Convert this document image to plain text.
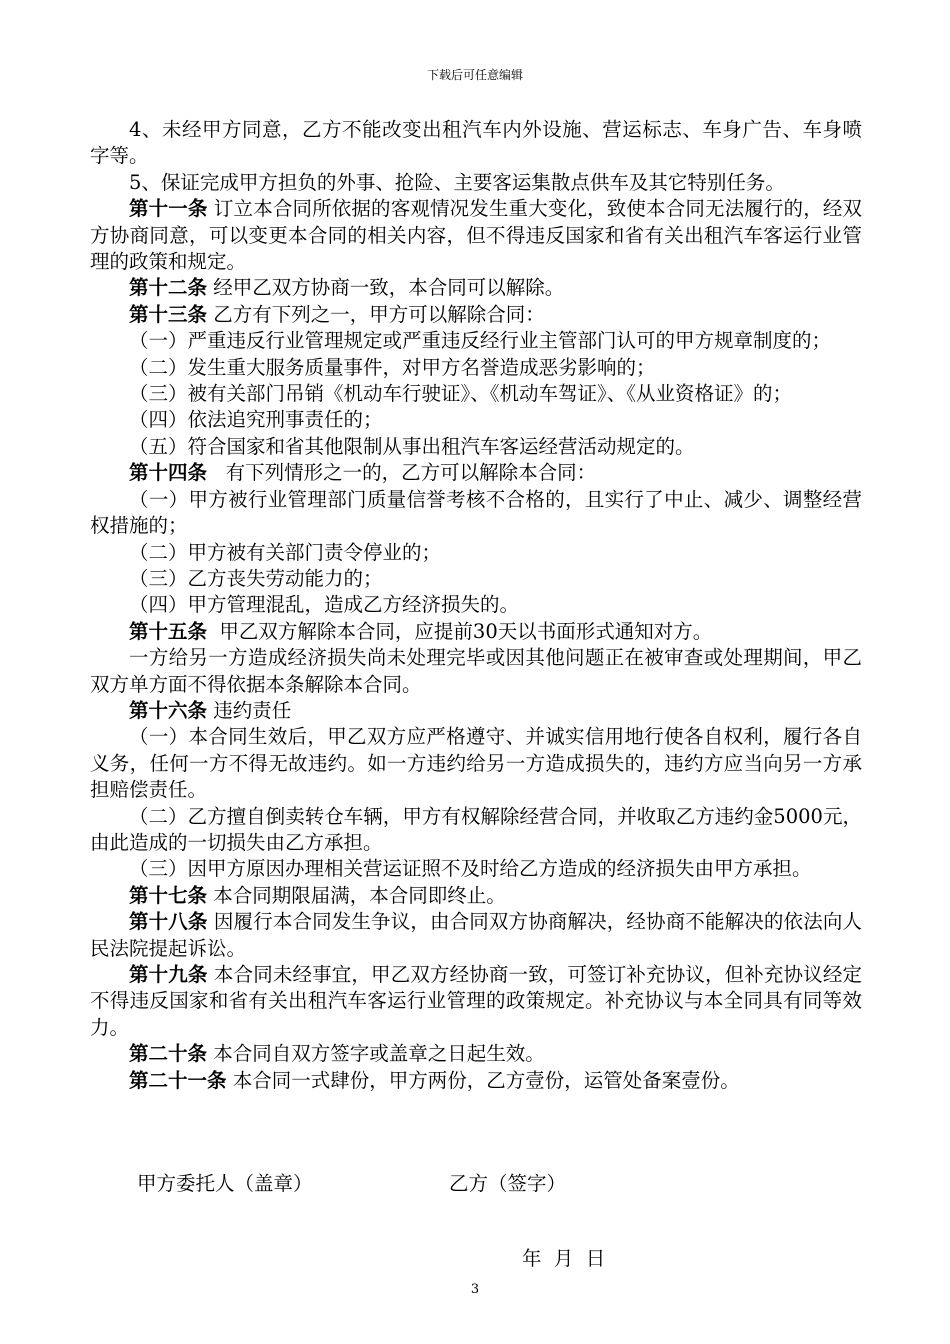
下载后可任意编辑

4、未经甲方同意，乙方不能改变出租汽车内外设施、营运标志、车身广告、车身喷字等。

5、保证完成甲方担负的外事、抢险、主要客运集散点供车及其它特别任务。

第十一条 订立本合同所依据的客观情况发生重大变化，致使本合同无法履行的，经双方协商同意，可以变更本合同的相关内容，但不得违反国家和省有关出租汽车客运行业管理的政策和规定。

第十二条 经甲乙双方协商一致，本合同可以解除。

第十三条 乙方有下列之一，甲方可以解除合同：

（一）严重违反行业管理规定或严重违反经行业主管部门认可的甲方规章制度的；

（二）发生重大服务质量事件，对甲方名誉造成恶劣影响的；

（三）被有关部门吊销《机动车行驶证》、《机动车驾证》、《从业资格证》的；

（四）依法追究刑事责任的；

（五）符合国家和省其他限制从事出租汽车客运经营活动规定的。

第十四条   有下列情形之一的，乙方可以解除本合同：

（一）甲方被行业管理部门质量信誉考核不合格的，且实行了中止、减少、调整经营权措施的；

（二）甲方被有关部门责令停业的；

（三）乙方丧失劳动能力的；

（四）甲方管理混乱，造成乙方经济损失的。

第十五条  甲乙双方解除本合同，应提前30天以书面形式通知对方。

一方给另一方造成经济损失尚未处理完毕或因其他问题正在被审查或处理期间，甲乙双方单方面不得依据本条解除本合同。

第十六条 违约责任

（一）本合同生效后，甲乙双方应严格遵守、并诚实信用地行使各自权利，履行各自义务，任何一方不得无故违约。如一方违约给另一方造成损失的，违约方应当向另一方承担赔偿责任。

（二）乙方擅自倒卖转仓车辆，甲方有权解除经营合同，并收取乙方违约金5000元，由此造成的一切损失由乙方承担。

（三）因甲方原因办理相关营运证照不及时给乙方造成的经济损失由甲方承担。

第十七条 本合同期限届满，本合同即终止。

第十八条 因履行本合同发生争议，由合同双方协商解决，经协商不能解决的依法向人民法院提起诉讼。

第十九条 本合同未经事宜，甲乙双方经协商一致，可签订补充协议，但补充协议经定不得违反国家和省有关出租汽车客运行业管理的政策规定。补充协议与本全同具有同等效力。

第二十条 本合同自双方签字或盖章之日起生效。

第二十一条 本合同一式肆份，甲方两份，乙方壹份，运管处备案壹份。

甲方委托人（盖章）	乙方（签字）
年  月  日
3
